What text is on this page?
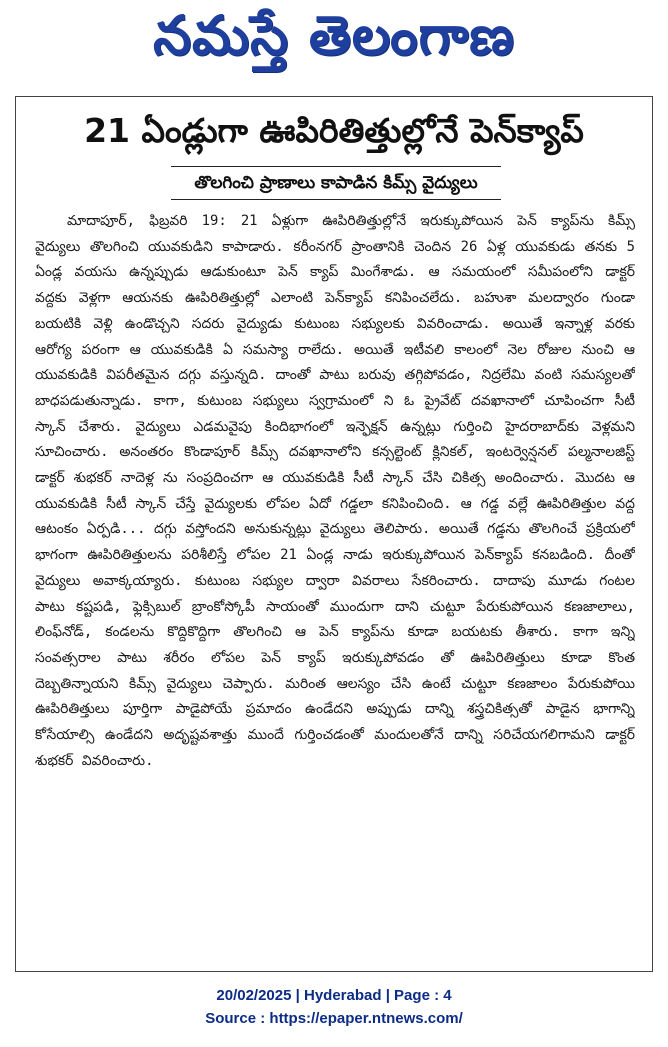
నమస్తే తెలంగాణ
21 ఏండ్లుగా ఊపిరితిత్తుల్లోనే పెన్‌క్యాప్
తొలగించి ప్రాణాలు కాపాడిన కిమ్స్‌ వైద్యులు

మాదాపూర్‌, ఫిబ్రవరి 19: 21 ఏళ్లుగా ఊపిరితిత్తుల్లోనే ఇరుక్కుపోయిన పెన్‌ క్యాప్‌ను కిమ్స్‌ వైద్యులు తొలగించి యువకుడిని కాపాడారు. కరీంనగర్‌ ప్రాంతానికి చెందిన 26 ఏళ్ల యువకుడు తనకు 5 ఏండ్ల వయసు ఉన్నప్పుడు ఆడుకుంటూ పెన్‌ క్యాప్‌ మింగేశాడు. ఆ సమయంలో సమీపంలోని డాక్టర్‌ వద్దకు వెళ్లగా ఆయనకు ఊపిరితిత్తుల్లో ఎలాంటి పెన్‌క్యాప్‌ కనిపించలేదు. బహుశా మలద్వారం గుండా బయటికి వెళ్లి ఉండొచ్చని సదరు వైద్యుడు కుటుంబ సభ్యులకు వివరించాడు. అయితే ఇన్నాళ్ల వరకు ఆరోగ్య పరంగా ఆ యువకుడికి ఏ సమస్యా రాలేదు. అయితే ఇటీవలి కాలంలో నెల రోజుల నుంచి ఆ యువకుడికి విపరీతమైన దగ్గు వస్తున్నది. దాంతో పాటు బరువు తగ్గిపోవడం, నిద్రలేమి వంటి సమస్యలతో బాధపడుతున్నాడు. కాగా, కుటుంబ సభ్యులు స్వగ్రామంలో ని ఓ ప్రైవేట్‌ దవఖానాలో చూపించగా సీటీ స్కాన్‌ చేశారు. వైద్యులు ఎడమవైపు కిందిభాగంలో ఇన్ఫెక్షన్‌ ఉన్నట్లు గుర్తించి హైదరాబాద్‌కు వెళ్లమని సూచించారు. అనంతరం కొండాపూర్‌ కిమ్స్‌ దవఖానాలోని కన్సల్టెంట్‌ క్లినికల్‌, ఇంటర్వెన్షనల్‌ పల్మనాలజిస్ట్‌ డాక్టర్‌ శుభకర్‌ నాదెళ్ల ను సంప్రదించగా ఆ యువకుడికి సీటీ స్కాన్‌ చేసి చికిత్స అందించారు. మొదట ఆ యువకుడికి సీటీ స్కాన్‌ చేస్తే వైద్యులకు లోపల ఏదో గడ్డలా కనిపించింది. ఆ గడ్డ వల్లే ఊపిరితిత్తుల వద్ద ఆటంకం ఏర్పడి... దగ్గు వస్తోందని అనుకున్నట్లు వైద్యులు తెలిపారు. అయితే గడ్డను తొలగించే ప్రక్రియలో భాగంగా ఊపిరితిత్తులను పరిశీలిస్తే లోపల 21 ఏండ్ల నాడు ఇరుక్కుపోయిన పెన్‌క్యాప్‌ కనబడింది. దీంతో వైద్యులు అవాక్కయ్యారు. కుటుంబ సభ్యుల ద్వారా వివరాలు సేకరించారు. దాదాపు మూడు గంటల పాటు కష్టపడి, ఫ్లెక్సిబుల్‌ బ్రాంకోస్కోపీ సాయంతో ముందుగా దాని చుట్టూ పేరుకుపోయిన కణజాలాలు, లింఫ్‌నోడ్‌, కండలను కొద్దికొద్దిగా తొలగించి ఆ పెన్‌ క్యాప్‌ను కూడా బయటకు తీశారు. కాగా ఇన్ని సంవత్సరాల పాటు శరీరం లోపల పెన్‌ క్యాప్‌ ఇరుక్కుపోవడం తో ఊపిరితిత్తులు కూడా కొంత దెబ్బతిన్నాయని కిమ్స్‌ వైద్యులు చెప్పారు. మరింత ఆలస్యం చేసి ఉంటే చుట్టూ కణజాలం పేరుకుపోయి ఊపిరితిత్తులు పూర్తిగా పాడైపోయే ప్రమాదం ఉండేదని అప్పుడు దాన్ని శస్త్రచికిత్సతో పాడైన భాగాన్ని కోసేయాల్సి ఉండేదని అదృష్టవశాత్తు ముందే గుర్తించడంతో మందులతోనే దాన్ని సరిచేయగలిగామని డాక్టర్‌ శుభకర్‌ వివరించారు.

20/02/2025 | Hyderabad | Page : 4
Source : https://epaper.ntnews.com/
